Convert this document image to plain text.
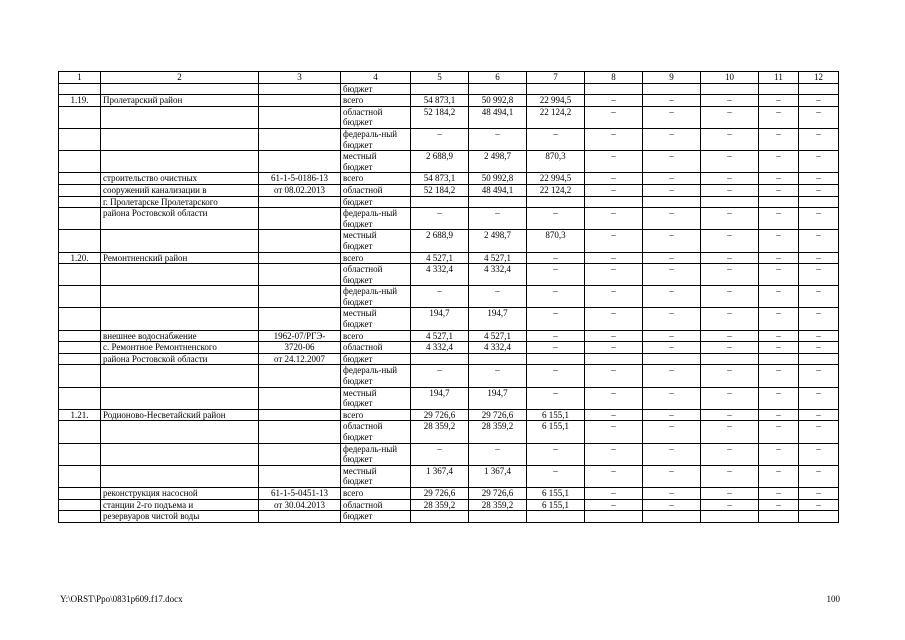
1	2	3	4	5	6	7	8	9	10	11	12
			бюджет								
1.19.	Пролетарский район		всего	54 873,1	50 992,8	22 994,5	–	–	–	–	–
			областной бюджет	52 184,2	48 494,1	22 124,2	–	–	–	–	–
			федераль-ный бюджет	–	–	–	–	–	–	–	–
			местный бюджет	2 688,9	2 498,7	870,3	–	–	–	–	–
	строительство очистных	61-1-5-0186-13	всего	54 873,1	50 992,8	22 994,5	–	–	–	–	–
	сооружений канализации в	от 08.02.2013	областной	52 184,2	48 494,1	22 124,2	–	–	–	–	–
	г. Пролетарске Пролетарского		бюджет								
	района Ростовской области		федераль-ный бюджет	–	–	–	–	–	–	–	–
			местный бюджет	2 688,9	2 498,7	870,3	–	–	–	–	–
1.20.	Ремонтненский район		всего	4 527,1	4 527,1	–	–	–	–	–	–
			областной бюджет	4 332,4	4 332,4	–	–	–	–	–	–
			федераль-ный бюджет	–	–	–	–	–	–	–	–
			местный бюджет	194,7	194,7	–	–	–	–	–	–
	внешнее водоснабжение	1962-07/РГЭ-	всего	4 527,1	4 527,1	–	–	–	–	–	–
	с. Ремонтное Ремонтненского	3720-06	областной	4 332,4	4 332,4	–	–	–	–	–	–
	района Ростовской области	от 24.12.2007	бюджет								
			федераль-ный бюджет	–	–	–	–	–	–	–	–
			местный бюджет	194,7	194,7	–	–	–	–	–	–
1.21.	Родионово-Несветайский район		всего	29 726,6	29 726,6	6 155,1	–	–	–	–	–
			областной бюджет	28 359,2	28 359,2	6 155,1	–	–	–	–	–
			федераль-ный бюджет	–	–	–	–	–	–	–	–
			местный бюджет	1 367,4	1 367,4	–	–	–	–	–	–
	реконструкция насосной	61-1-5-0451-13	всего	29 726,6	29 726,6	6 155,1	–	–	–	–	–
	станции 2-го подъема и	от 30.04.2013	областной	28 359,2	28 359,2	6 155,1	–	–	–	–	–
	резервуаров чистой воды		бюджет								
Y:\ORST\Ppo\0831p609.f17.docx	100
